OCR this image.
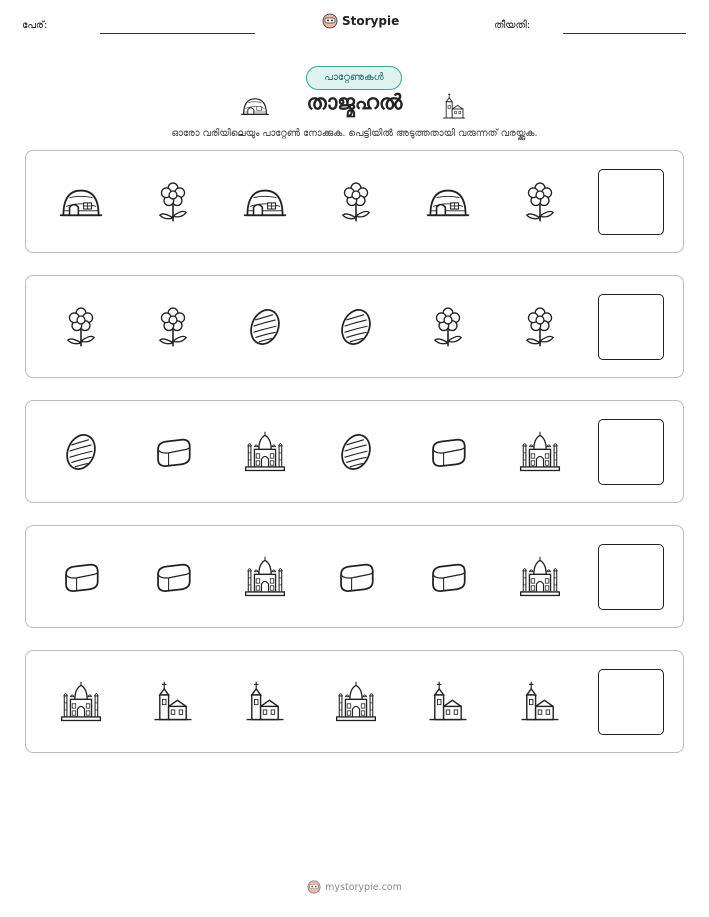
പേര്:	Storypie	തീയതി:
പാറ്റേണുകൾ
താജ്മഹൽ
ഓരോ വരിയിലെയും പാറ്റേൺ നോക്കുക. പെട്ടിയിൽ അടുത്തതായി വരുന്നത് വരയ്ക്കുക.
mystorypie.com
